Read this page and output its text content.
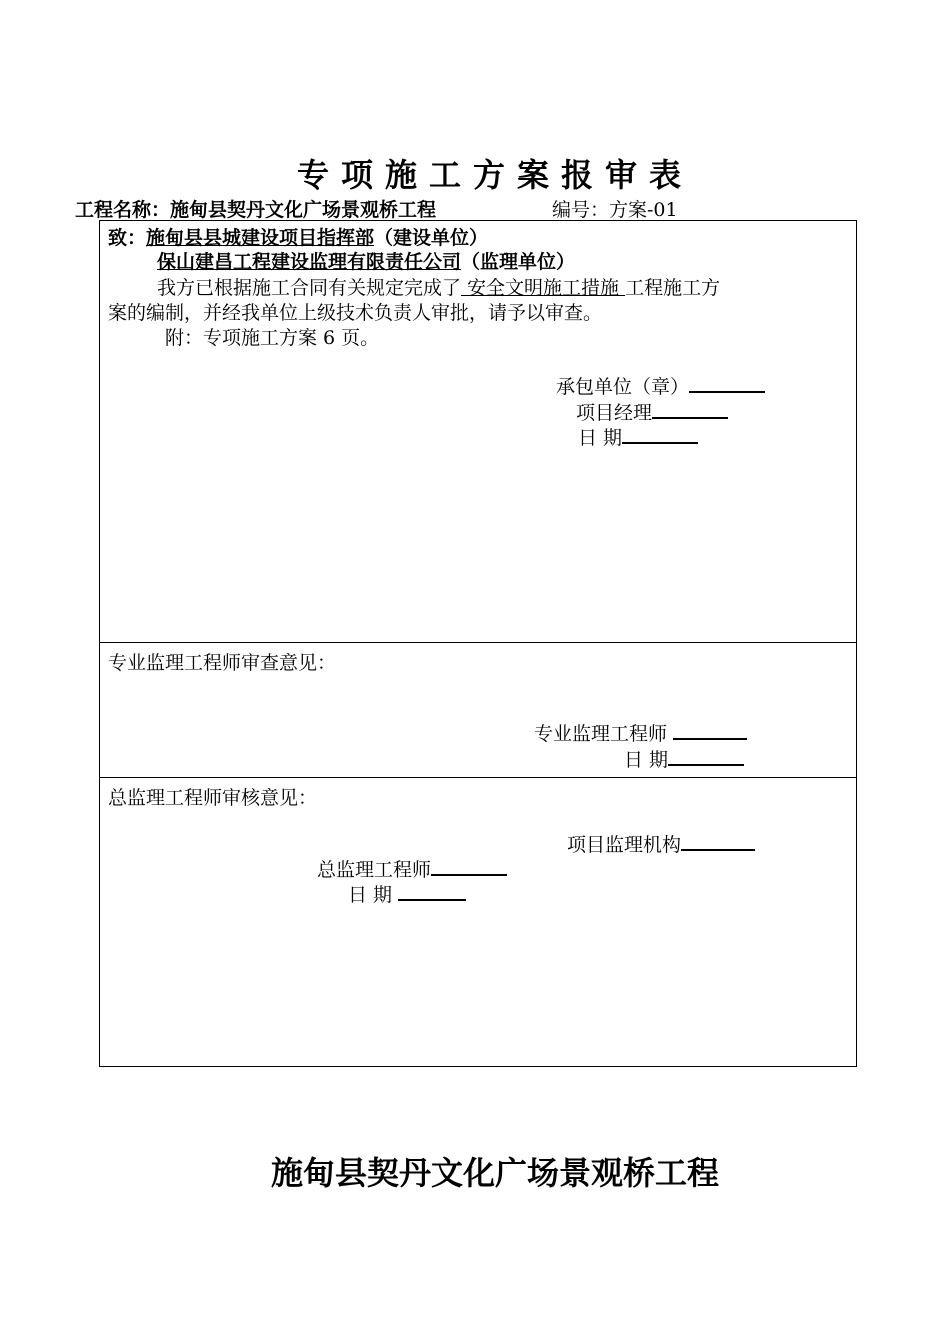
专项施工方案报审表
工程名称：施甸县契丹文化广场景观桥工程	编号：方案-01
致：施甸县县城建设项目指挥部（建设单位）
保山建昌工程建设监理有限责任公司（监理单位）
我方已根据施工合同有关规定完成了 安全文明施工措施 工程施工方
案的编制，并经我单位上级技术负责人审批，请予以审查。
附：专项施工方案 6 页。
承包单位（章）
项目经理
日 期
专业监理工程师审查意见：
专业监理工程师
日 期
总监理工程师审核意见：
项目监理机构
总监理工程师
日 期
施甸县契丹文化广场景观桥工程
